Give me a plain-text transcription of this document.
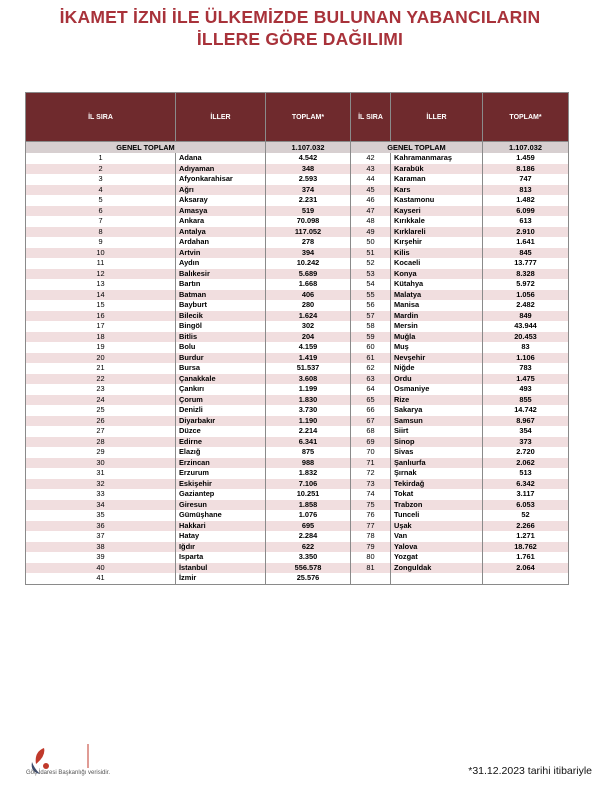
İKAMET İZNİ İLE ÜLKEMİZDE BULUNAN YABANCILARIN
İLLERE GÖRE DAĞILIMI
İL SIRA	İLLER	TOPLAM*	İL SIRA	İLLER	TOPLAM*
GENEL TOPLAM		1.107.032	GENEL TOPLAM		1.107.032
1	Adana	4.542	42	Kahramanmaraş	1.459
2	Adıyaman	348	43	Karabük	8.186
3	Afyonkarahisar	2.593	44	Karaman	747
4	Ağrı	374	45	Kars	813
5	Aksaray	2.231	46	Kastamonu	1.482
6	Amasya	519	47	Kayseri	6.099
7	Ankara	70.098	48	Kırıkkale	613
8	Antalya	117.052	49	Kırklareli	2.910
9	Ardahan	278	50	Kırşehir	1.641
10	Artvin	394	51	Kilis	845
11	Aydın	10.242	52	Kocaeli	13.777
12	Balıkesir	5.689	53	Konya	8.328
13	Bartın	1.668	54	Kütahya	5.972
14	Batman	406	55	Malatya	1.056
15	Bayburt	280	56	Manisa	2.482
16	Bilecik	1.624	57	Mardin	849
17	Bingöl	302	58	Mersin	43.944
18	Bitlis	204	59	Muğla	20.453
19	Bolu	4.159	60	Muş	83
20	Burdur	1.419	61	Nevşehir	1.106
21	Bursa	51.537	62	Niğde	783
22	Çanakkale	3.608	63	Ordu	1.475
23	Çankırı	1.199	64	Osmaniye	493
24	Çorum	1.830	65	Rize	855
25	Denizli	3.730	66	Sakarya	14.742
26	Diyarbakır	1.190	67	Samsun	8.967
27	Düzce	2.214	68	Siirt	354
28	Edirne	6.341	69	Sinop	373
29	Elazığ	875	70	Sivas	2.720
30	Erzincan	988	71	Şanlıurfa	2.062
31	Erzurum	1.832	72	Şırnak	513
32	Eskişehir	7.106	73	Tekirdağ	6.342
33	Gaziantep	10.251	74	Tokat	3.117
34	Giresun	1.858	75	Trabzon	6.053
35	Gümüşhane	1.076	76	Tunceli	52
36	Hakkari	695	77	Uşak	2.266
37	Hatay	2.284	78	Van	1.271
38	Iğdır	622	79	Yalova	18.762
39	Isparta	3.350	80	Yozgat	1.761
40	İstanbul	556.578	81	Zonguldak	2.064
41	İzmir	25.576			
Göç İdaresi Başkanlığı verisidir.	*31.12.2023 tarihi itibariyle
